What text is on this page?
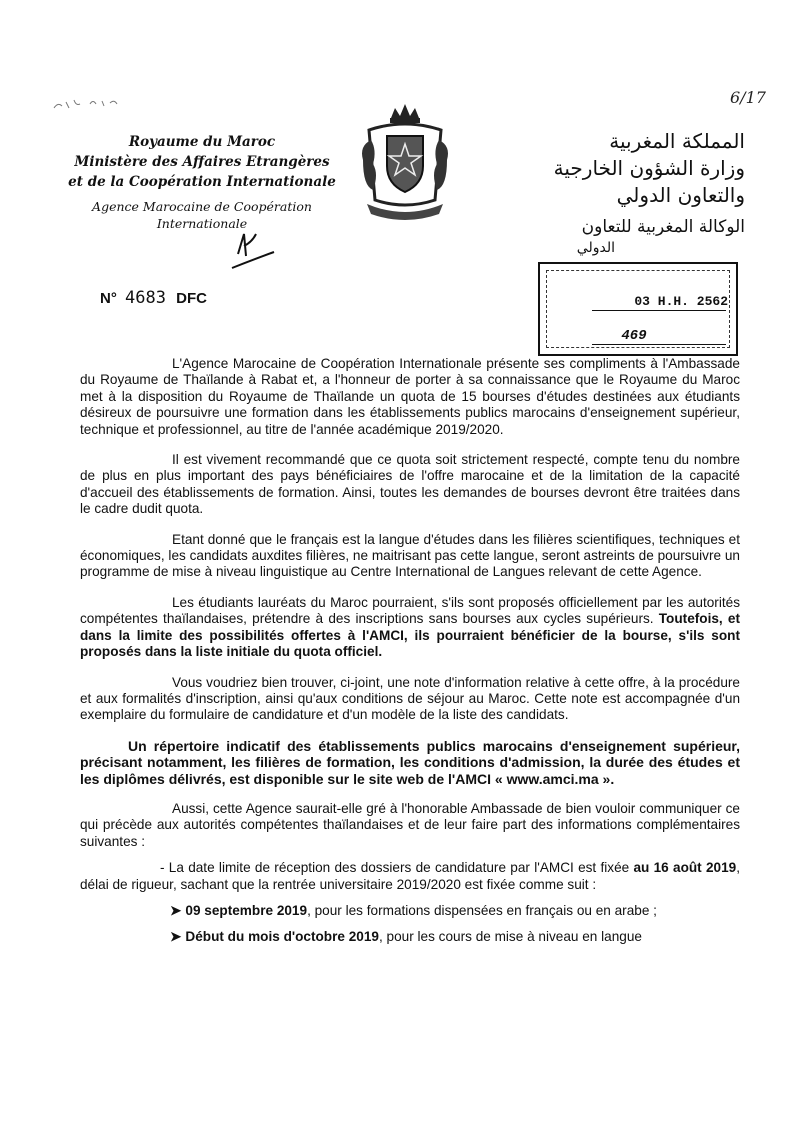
6/17
Royaume du Maroc
Ministère des Affaires Etrangères
et de la Coopération Internationale
Agence Marocaine de Coopération
Internationale
المملكة المغربية
وزارة الشؤون الخارجية
والتعاون الدولي
الوكالة المغربية للتعاون
الدولي
N° 4683 DFC	03 H.H. 2562
469

L'Agence Marocaine de Coopération Internationale présente ses compliments à l'Ambassade du Royaume de Thaïlande à Rabat et, a l'honneur de porter à sa connaissance que le Royaume du Maroc met à la disposition du Royaume de Thaïlande un quota de 15 bourses d'études destinées aux étudiants désireux de poursuivre une formation dans les établissements publics marocains d'enseignement supérieur, technique et professionnel, au titre de l'année académique 2019/2020.

Il est vivement recommandé que ce quota soit strictement respecté, compte tenu du nombre de plus en plus important des pays bénéficiaires de l'offre marocaine et de la limitation de la capacité d'accueil des établissements de formation. Ainsi, toutes les demandes de bourses devront être traitées dans le cadre dudit quota.

Etant donné que le français est la langue d'études dans les filières scientifiques, techniques et économiques, les candidats auxdites filières, ne maitrisant pas cette langue, seront astreints de poursuivre un programme de mise à niveau linguistique au Centre International de Langues relevant de cette Agence.

Les étudiants lauréats du Maroc pourraient, s'ils sont proposés officiellement par les autorités compétentes thaïlandaises, prétendre à des inscriptions sans bourses aux cycles supérieurs. Toutefois, et dans la limite des possibilités offertes à l'AMCI, ils pourraient bénéficier de la bourse, s'ils sont proposés dans la liste initiale du quota officiel.

Vous voudriez bien trouver, ci-joint, une note d'information relative à cette offre, à la procédure et aux formalités d'inscription, ainsi qu'aux conditions de séjour au Maroc. Cette note est accompagnée d'un exemplaire du formulaire de candidature et d'un modèle de la liste des candidats.

Un répertoire indicatif des établissements publics marocains d'enseignement supérieur, précisant notamment, les filières de formation, les conditions d'admission, la durée des études et les diplômes délivrés, est disponible sur le site web de l'AMCI « www.amci.ma ».

Aussi, cette Agence saurait-elle gré à l'honorable Ambassade de bien vouloir communiquer ce qui précède aux autorités compétentes thaïlandaises et de leur faire part des informations complémentaires suivantes :

- La date limite de réception des dossiers de candidature par l'AMCI est fixée au 16 août 2019, délai de rigueur, sachant que la rentrée universitaire 2019/2020 est fixée comme suit :

➤ 09 septembre 2019, pour les formations dispensées en français ou en arabe ;
➤ Début du mois d'octobre 2019, pour les cours de mise à niveau en langue
